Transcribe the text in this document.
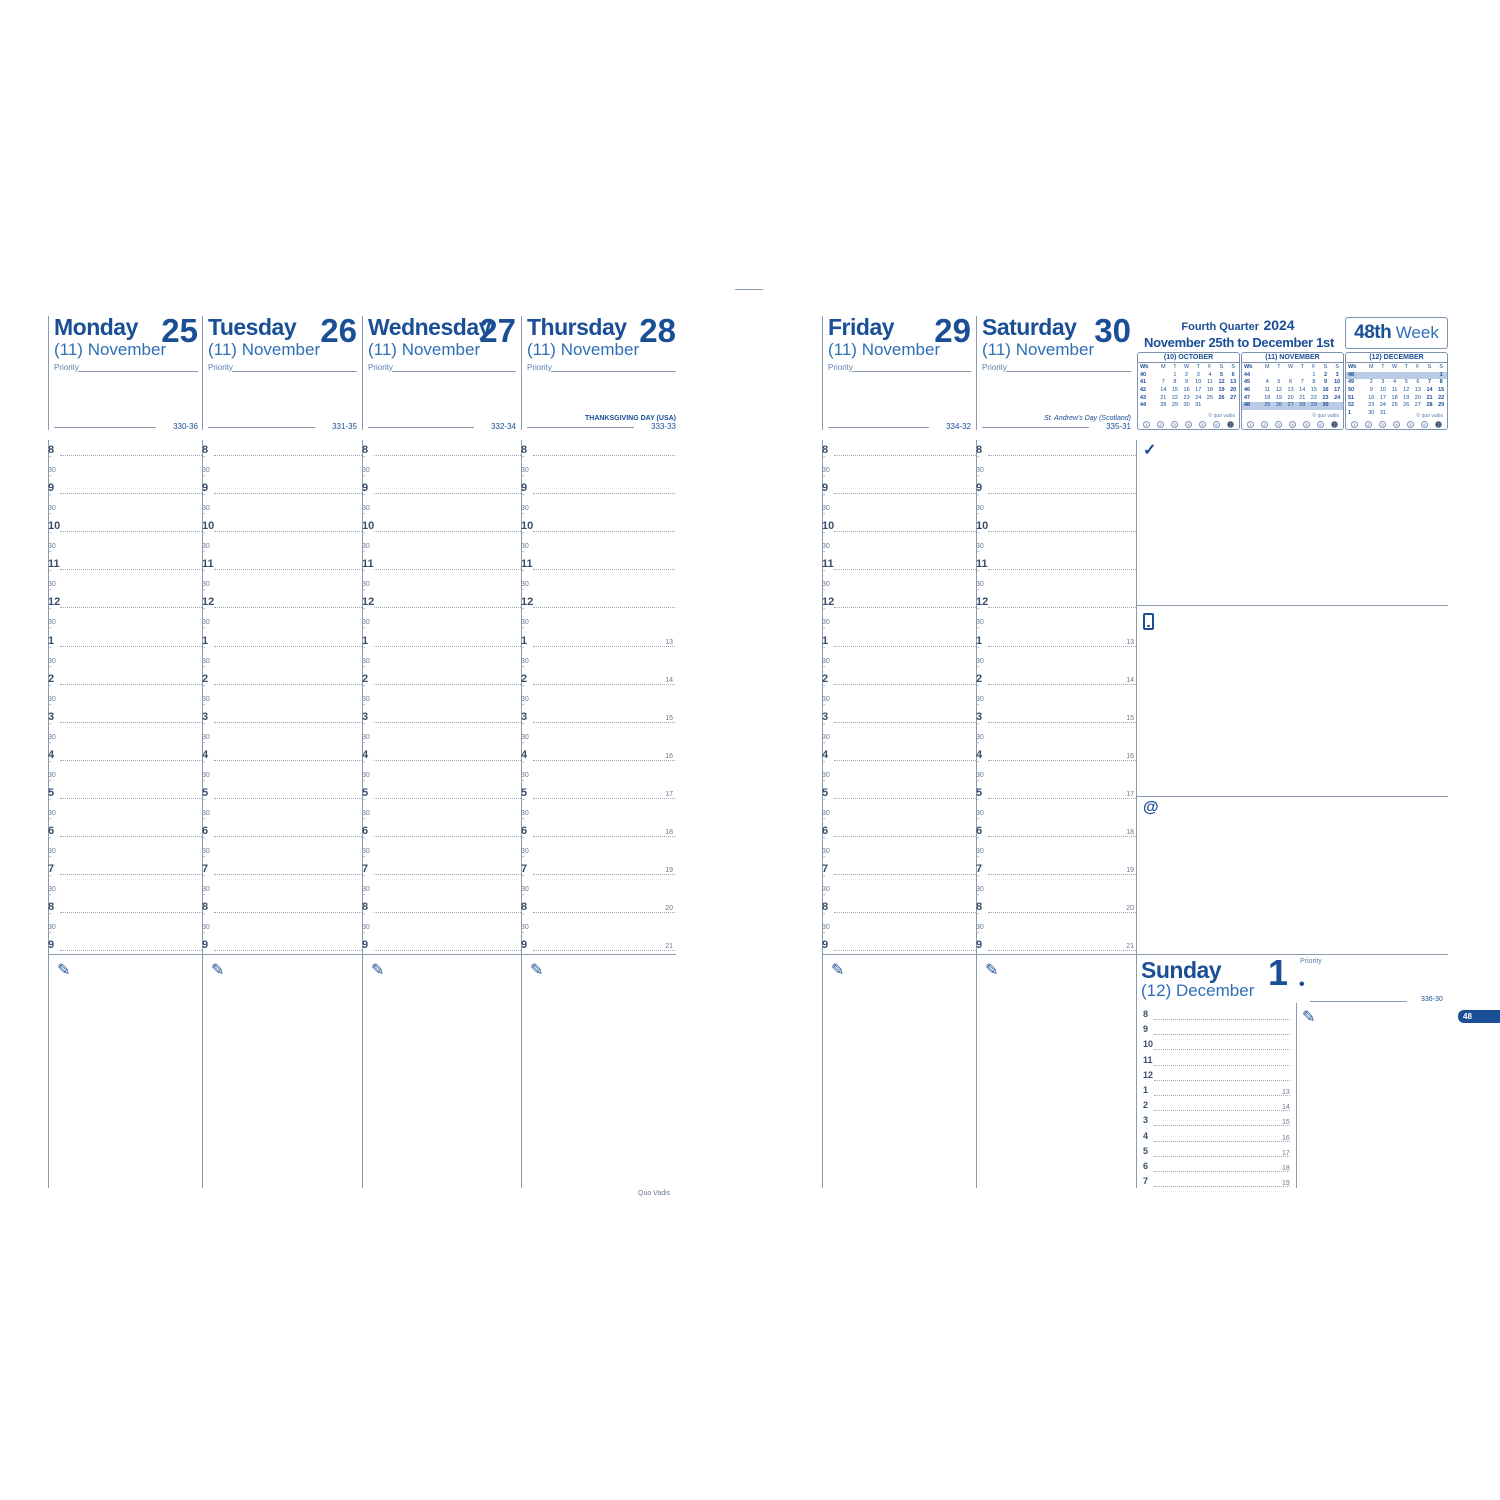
Fourth Quarter 2024
November 25th to December 1st	48th Week
(10) OCTOBER
Wk	M	T	W	T	F	S	S
40		1	2	3	4	5	6
41	7	8	9	10	11	12	13
42	14	15	16	17	18	19	20
43	21	22	23	24	25	26	27
44	28	29	30	31			
© quo vadis
1	2	3	4	5	6	7
(11) NOVEMBER
Wk	M	T	W	T	F	S	S
44					1	2	3
45	4	5	6	7	8	9	10
46	11	12	13	14	15	16	17
47	18	19	20	21	22	23	24
48	25	26	27	28	29	30	
© quo vadis
1	2	3	4	5	6	7
(12) DECEMBER
Wk	M	T	W	T	F	S	S
48							1
49	2	3	4	5	6	7	8
50	9	10	11	12	13	14	15
51	16	17	18	19	20	21	22
52	23	24	25	26	27	28	29
1	30	31					
© quo vadis
1	2	3	4	5	6	7
Monday 25
(11) November
Priority
330-36
Tuesday 26
(11) November
Priority
331-35
Wednesday
27
(11) November
Priority
332-34
Thursday 28
(11) November
Priority
333-33
THANKSGIVING DAY (USA)
Friday 29
(11) November
Priority
334-32
Saturday 30
(11) November
Priority
335-31
St. Andrew's Day (Scotland)
8
-
30
-
9
-
30
-
10
-
30
-
11
-
30
-
12
-
30
-
1
-
30
-
2
-
30
-
3
-
30
-
4
-
30
-
5
-
30
-
6
-
30
-
7
-
30
-
8
-
30
-
9
8
-
30
-
9
-
30
-
10
-
30
-
11
-
30
-
12
-
30
-
1
-
30
-
2
-
30
-
3
-
30
-
4
-
30
-
5
-
30
-
6
-
30
-
7
-
30
-
8
-
30
-
9
8
-
30
-
9
-
30
-
10
-
30
-
11
-
30
-
12
-
30
-
1
-
30
-
2
-
30
-
3
-
30
-
4
-
30
-
5
-
30
-
6
-
30
-
7
-
30
-
8
-
30
-
9
8
-
30
-
9
-
30
-
10
-
30
-
11
-
30
-
12
-
30
-
1
-
30
-
13
2
-
30
-
14
3
-
30
-
15
4
-
30
-
16
5
-
30
-
17
6
-
30
-
18
7
-
30
-
19
8
-
30
-
20
9	21
8
-
30
-
9
-
30
-
10
-
30
-
11
-
30
-
12
-
30
-
1
-
30
-
2
-
30
-
3
-
30
-
4
-
30
-
5
-
30
-
6
-
30
-
7
-
30
-
8
-
30
-
9
8
-
30
-
9
-
30
-
10
-
30
-
11
-
30
-
12
-
30
-
1
-
30
-
13
2
-
30
-
14
3
-
30
-
15
4
-
30
-
16
5
-
30
-
17
6
-
30
-
18
7
-
30
-
19
8
-
30
-
20
9	21
✎	✎	✎	✎	✎	✎
✓
@
Sunday 1
(12) December
Priority
•
336-30
✎
8
9
10
11
12
1	13
2	14
3	15
4	16
5	17
6	18
7	19
48
Quo Vadis
